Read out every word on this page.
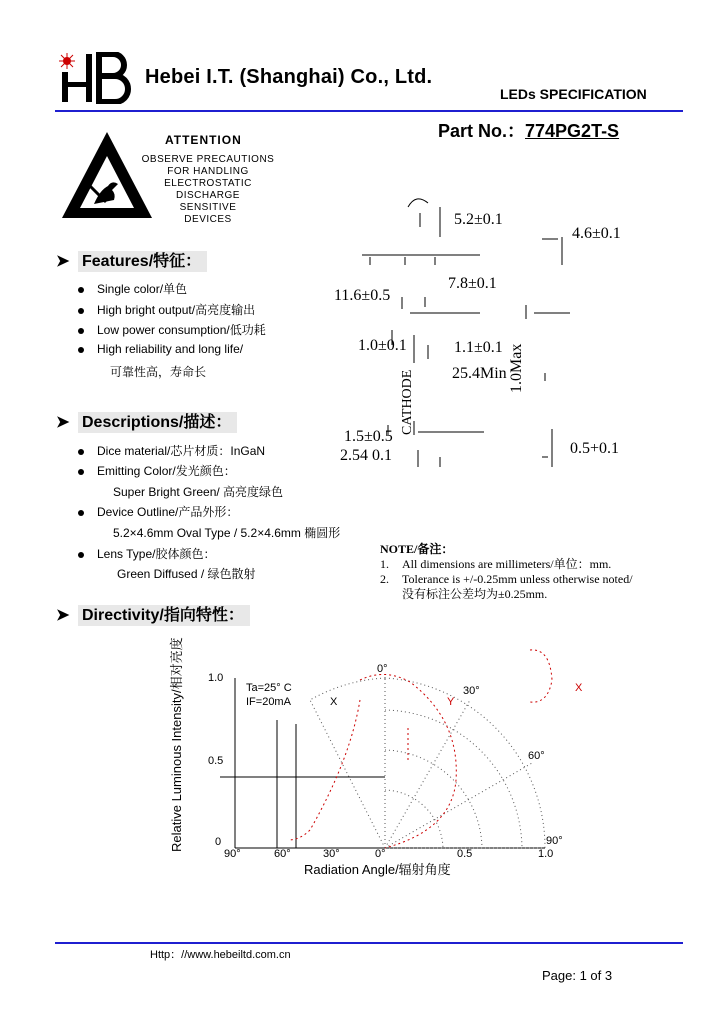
Hebei I.T. (Shanghai) Co., Ltd.
LEDs SPECIFICATION
Part No.：774PG2T-S
ATTENTION
OBSERVE PRECAUTIONS
FOR HANDLING
ELECTROSTATIC
DISCHARGE
SENSITIVE
DEVICES
➤ Features/特征：
Single color/单色
High bright output/高亮度输出
Low power consumption/低功耗
High reliability and long life/
可靠性高，寿命长
➤ Descriptions/描述：
Dice material/芯片材质：InGaN
Emitting Color/发光颜色：
Super Bright Green/ 高亮度绿色
Device Outline/产品外形：
5.2×4.6mm Oval Type / 5.2×4.6mm 椭圆形
Lens Type/胶体颜色：
Green Diffused / 绿色散射
5.2±0.1
4.6±0.1
11.6±0.5
7.8±0.1
1.0±0.1	1.1±0.1
25.4Min 1.0Max
CATHODE
1.5±0.5
2.54 0.1	0.5+0.1
NOTE/备注：
1. All dimensions are millimeters/单位：mm.
2. Tolerance is +/-0.25mm unless otherwise noted/
没有标注公差均为±0.25mm.
➤ Directivity/指向特性：
Relative Luminous Intensity/相对亮度 1.0
0.5
0
90°	60°	30°	0°	0.5	1.0
0°
30°
60°
90°
Ta=25° C
IF=20mA	X	Y
X
Radiation Angle/辐射角度
Http：//www.hebeiltd.com.cn
Page: 1 of 3
